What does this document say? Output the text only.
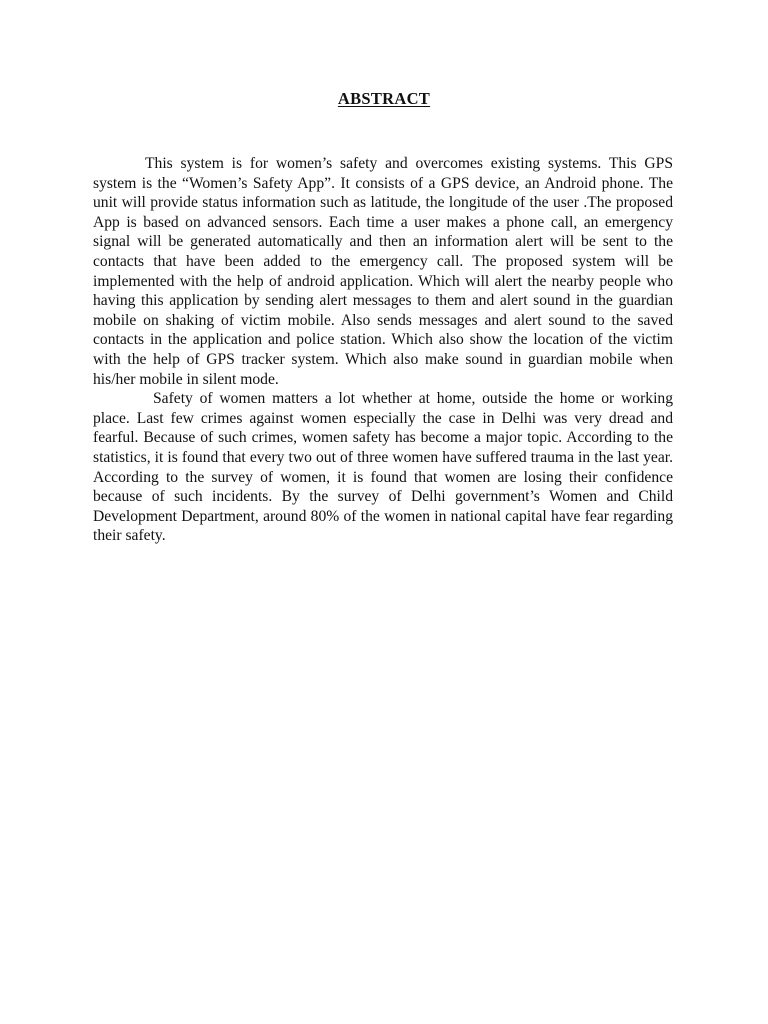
ABSTRACT

This system is for women’s safety and overcomes existing systems. This GPS system is the “Women’s Safety App”. It consists of a GPS device, an Android phone. The unit will provide status information such as latitude, the longitude of the user .The proposed App is based on advanced sensors. Each time a user makes a phone call, an emergency signal will be generated automatically and then an information alert will be sent to the contacts that have been added to the emergency call. The proposed system will be implemented with the help of android application. Which will alert the nearby people who having this application by sending alert messages to them and alert sound in the guardian mobile on shaking of victim mobile. Also sends messages and alert sound to the saved contacts in the application and police station. Which also show the location of the victim with the help of GPS tracker system. Which also make sound in guardian mobile when his/her mobile in silent mode.

Safety of women matters a lot whether at home, outside the home or working place. Last few crimes against women especially the case in Delhi was very dread and fearful. Because of such crimes, women safety has become a major topic. According to the statistics, it is found that every two out of three women have suffered trauma in the last year. According to the survey of women, it is found that women are losing their confidence because of such incidents. By the survey of Delhi government’s Women and Child Development Department, around 80% of the women in national capital have fear regarding their safety.
